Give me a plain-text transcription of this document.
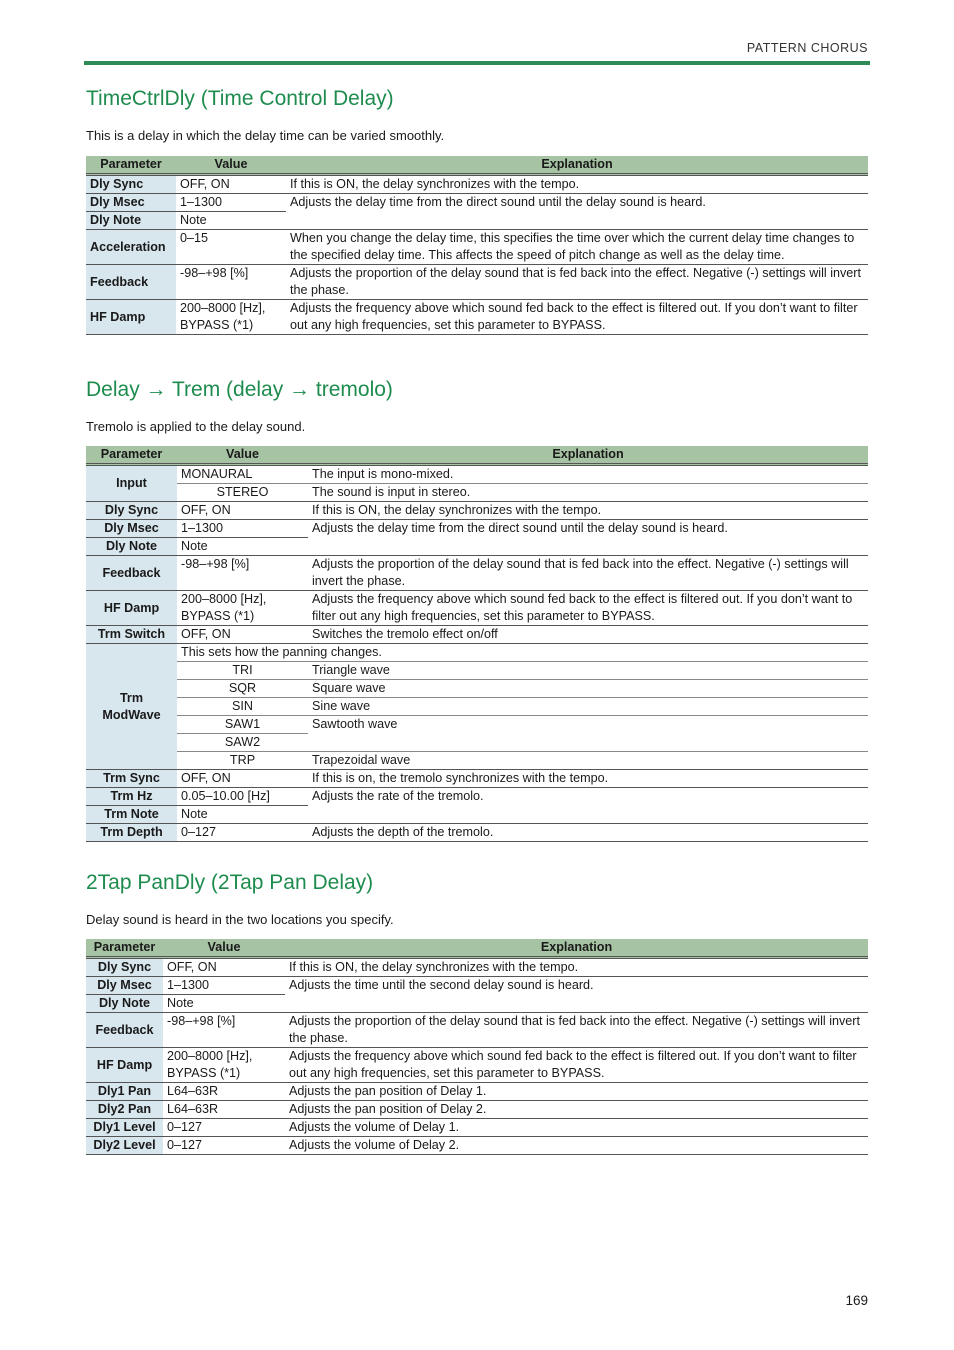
PATTERN CHORUS
TimeCtrlDly (Time Control Delay)

This is a delay in which the delay time can be varied smoothly.

Parameter	Value	Explanation
Dly Sync	OFF, ON	If this is ON, the delay synchronizes with the tempo.
Dly Msec	1–1300	Adjusts the delay time from the direct sound until the delay sound is heard.
Dly Note	Note	
Acceleration	0–15	When you change the delay time, this specifies the time over which the current delay time changes to the specified delay time. This affects the speed of pitch change as well as the delay time.
Feedback	-98–+98 [%]	Adjusts the proportion of the delay sound that is fed back into the effect. Negative (-) settings will invert the phase.
HF Damp	200–8000 [Hz], BYPASS (*1)	Adjusts the frequency above which sound fed back to the effect is filtered out. If you don’t want to filter out any high frequencies, set this parameter to BYPASS.
Delay → Trem (delay → tremolo)

Tremolo is applied to the delay sound.

Parameter	Value	Explanation
Input	MONAURAL	The input is mono-mixed.
	STEREO	The sound is input in stereo.
Dly Sync	OFF, ON	If this is ON, the delay synchronizes with the tempo.
Dly Msec	1–1300	Adjusts the delay time from the direct sound until the delay sound is heard.
Dly Note	Note	
Feedback	-98–+98 [%]	Adjusts the proportion of the delay sound that is fed back into the effect. Negative (-) settings will invert the phase.
HF Damp	200–8000 [Hz], BYPASS (*1)	Adjusts the frequency above which sound fed back to the effect is filtered out. If you don’t want to filter out any high frequencies, set this parameter to BYPASS.
Trm Switch	OFF, ON	Switches the tremolo effect on/off
Trm ModWave	This sets how the panning changes.	
	TRI	Triangle wave
	SQR	Square wave
	SIN	Sine wave
	SAW1	Sawtooth wave
	SAW2	
	TRP	Trapezoidal wave
Trm Sync	OFF, ON	If this is on, the tremolo synchronizes with the tempo.
Trm Hz	0.05–10.00 [Hz]	Adjusts the rate of the tremolo.
Trm Note	Note	
Trm Depth	0–127	Adjusts the depth of the tremolo.
2Tap PanDly (2Tap Pan Delay)

Delay sound is heard in the two locations you specify.

Parameter	Value	Explanation
Dly Sync	OFF, ON	If this is ON, the delay synchronizes with the tempo.
Dly Msec	1–1300	Adjusts the time until the second delay sound is heard.
Dly Note	Note	
Feedback	-98–+98 [%]	Adjusts the proportion of the delay sound that is fed back into the effect. Negative (-) settings will invert the phase.
HF Damp	200–8000 [Hz], BYPASS (*1)	Adjusts the frequency above which sound fed back to the effect is filtered out. If you don’t want to filter out any high frequencies, set this parameter to BYPASS.
Dly1 Pan	L64–63R	Adjusts the pan position of Delay 1.
Dly2 Pan	L64–63R	Adjusts the pan position of Delay 2.
Dly1 Level	0–127	Adjusts the volume of Delay 1.
Dly2 Level	0–127	Adjusts the volume of Delay 2.
169
